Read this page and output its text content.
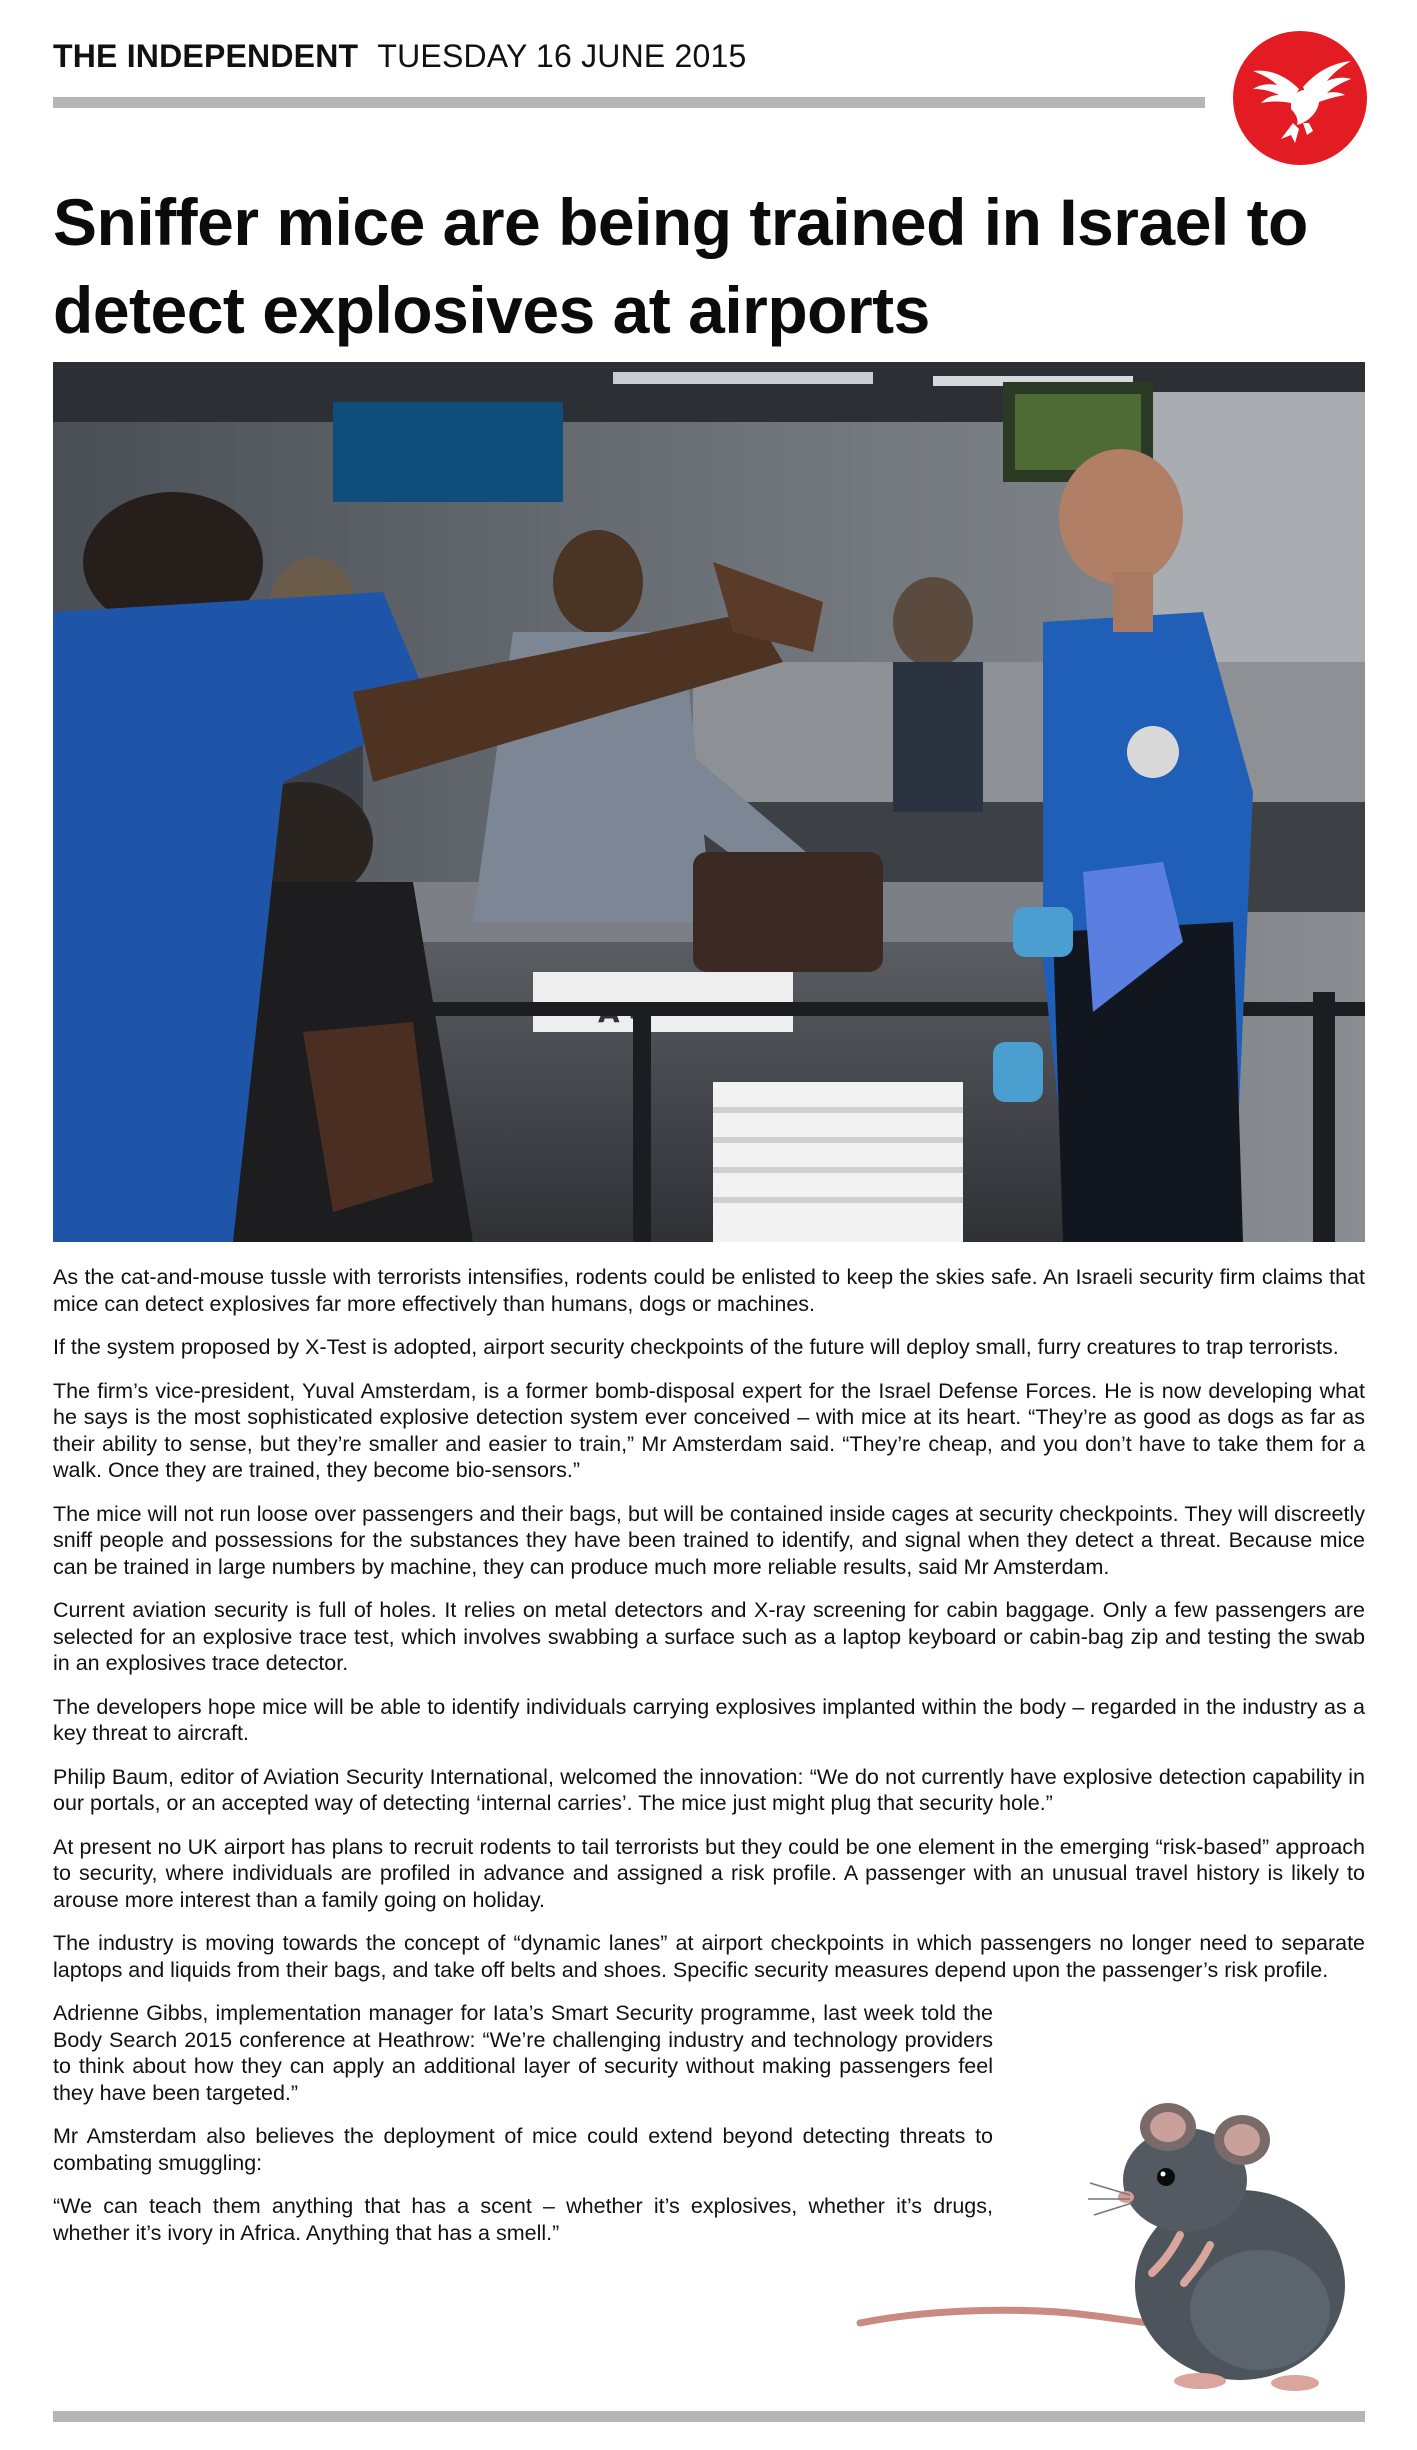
THE INDEPENDENT TUESDAY 16 JUNE 2015
Sniffer mice are being trained in Israel to detect explosives at airports

As the cat-and-mouse tussle with terrorists intensifies, rodents could be enlisted to keep the skies safe. An Israeli security firm claims that mice can detect explosives far more effectively than humans, dogs or machines.

If the system proposed by X-Test is adopted, airport security checkpoints of the future will deploy small, furry creatures to trap terrorists.

The firm’s vice-president, Yuval Amsterdam, is a former bomb-disposal expert for the Israel Defense Forces. He is now developing what he says is the most sophisticated explosive detection system ever conceived – with mice at its heart. “They’re as good as dogs as far as their ability to sense, but they’re smaller and easier to train,” Mr Amsterdam said. “They’re cheap, and you don’t have to take them for a walk. Once they are trained, they become bio-sensors.”

The mice will not run loose over passengers and their bags, but will be contained inside cages at security checkpoints. They will discreetly sniff people and possessions for the substances they have been trained to identify, and signal when they detect a threat. Because mice can be trained in large numbers by machine, they can produce much more reliable results, said Mr Amsterdam.

Current aviation security is full of holes. It relies on metal detectors and X-ray screening for cabin baggage. Only a few passengers are selected for an explosive trace test, which involves swabbing a surface such as a laptop keyboard or cabin-bag zip and testing the swab in an explosives trace detector.

The developers hope mice will be able to identify individuals carrying explosives implanted within the body – regarded in the industry as a key threat to aircraft.

Philip Baum, editor of Aviation Security International, welcomed the innovation: “We do not currently have explosive detection capability in our portals, or an accepted way of detecting ‘internal carries’. The mice just might plug that security hole.”

At present no UK airport has plans to recruit rodents to tail terrorists but they could be one element in the emerging “risk-based” approach to security, where individuals are profiled in advance and assigned a risk profile. A passenger with an unusual travel history is likely to arouse more interest than a family going on holiday.

The industry is moving towards the concept of “dynamic lanes” at airport checkpoints in which passengers no longer need to separate laptops and liquids from their bags, and take off belts and shoes. Specific security measures depend upon the passenger’s risk profile.

Adrienne Gibbs, implementation manager for Iata’s Smart Security programme, last week told the Body Search 2015 conference at Heathrow: “We’re challenging industry and technology providers to think about how they can apply an additional layer of security without making passengers feel they have been targeted.”

Mr Amsterdam also believes the deployment of mice could extend beyond detecting threats to combating smuggling:

“We can teach them anything that has a scent – whether it’s explosives, whether it’s drugs, whether it’s ivory in Africa. Anything that has a smell.”
